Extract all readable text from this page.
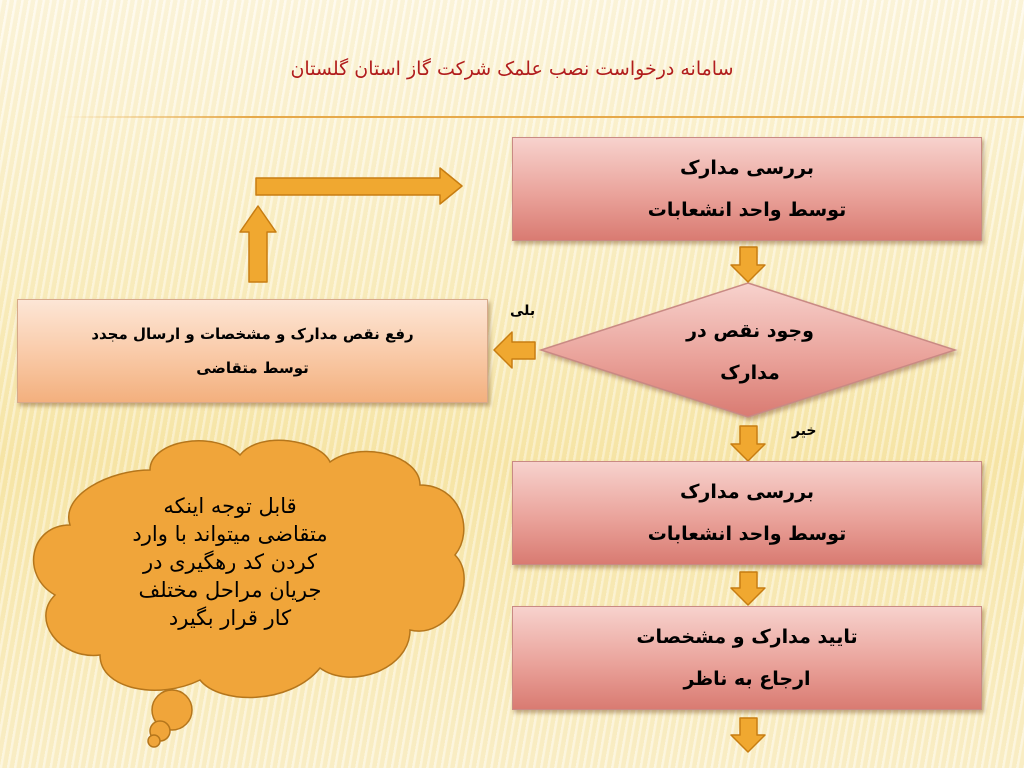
سامانه درخواست نصب علمک شرکت گاز استان گلستان
بررسی مدارک
توسط واحد انشعابات
وجود نقص در
مدارک
بلی
خیر
رفع نقص مدارک و مشخصات و ارسال مجدد
توسط متقاضی
بررسی مدارک
توسط واحد انشعابات
تایید مدارک و مشخصات
ارجاع به ناظر
قابل توجه اینکه
متقاضی میتواند با وارد
کردن کد رهگیری در
جریان مراحل مختلف
کار قرار بگیرد
